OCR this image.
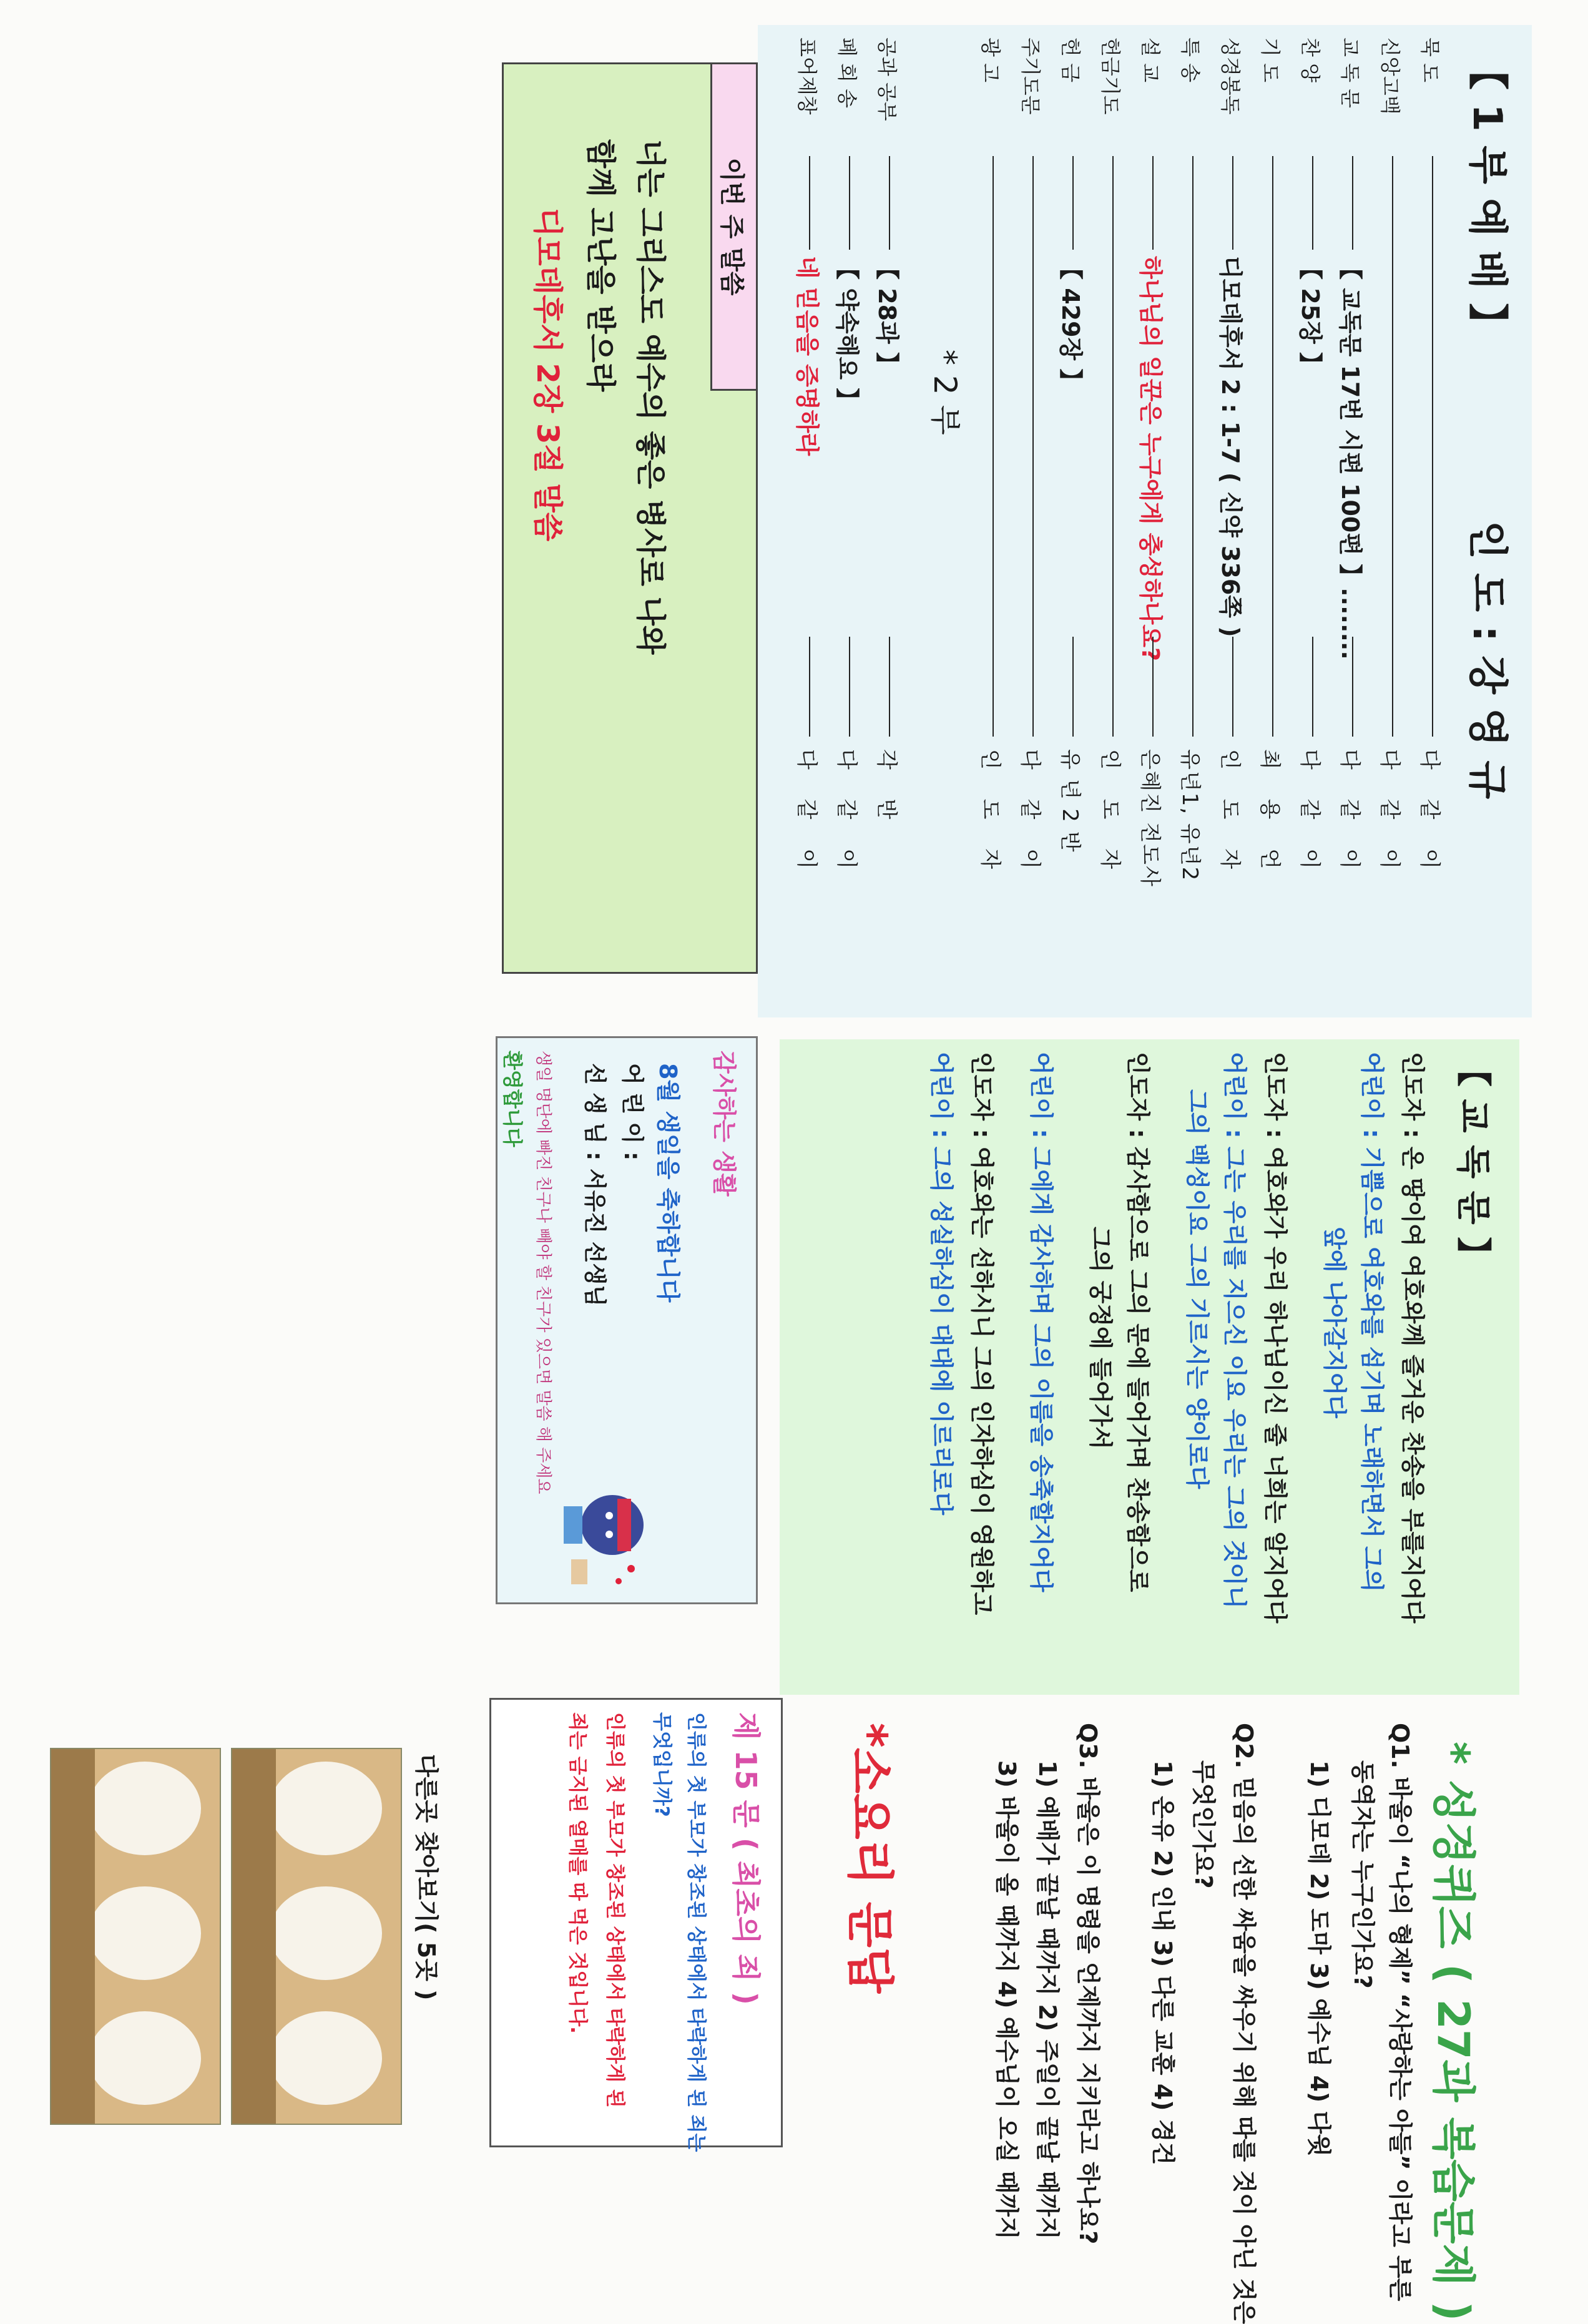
【 1 부 예 배 】  인 도 : 강 영 규
묵 도
다 같 이
신앙고백
다 같 이
교 독 문
【 교독문 17번 시편 100편 】........
다 같 이
찬 양
【 25장 】
다 같 이
기 도
최 용 언
성경봉독
디모데후서 2 : 1-7 ( 신약 336쪽 )
인 도 자
특 송
유년1, 유년2
설 교
하나님의 일꾼은 누구에게 충성하나요?
은혜진 전도사
헌금기도
인 도 자
헌 금
【 429장 】
유 년 2 반
주기도문
다 같 이
광 고
인 도 자
* 2 부
공과 공부
【 28과 】
각 반
폐 회 송
【 약속해요 】
다 같 이
표어제창
네 믿음을 증명하라
다 같 이
이번 주 말씀
너는 그리스도 예수의 좋은 병사로 나와
함께 고난을 받으라
디모데후서 2장 3절 말씀
【 교 독 문 】
인도자 : 온 땅이여 여호와께 즐거운 찬송을 부를지어다
어린이 : 기쁨으로 여호와를 섬기며 노래하면서 그의
앞에 나아갈지어다
인도자 : 여호와가 우리 하나님이신 줄 너희는 알지어다
어린이 : 그는 우리를 지으신 이요 우리는 그의 것이니
그의 백성이요 그의 기르시는 양이로다
인도자 : 감사함으로 그의 문에 들어가며 찬송함으로
그의 궁정에 들어가서
어린이 : 그에게 감사하며 그의 이름을 송축할지어다
인도자 : 여호와는 선하시니 그의 인자하심이 영원하고
어린이 : 그의 성실하심이 대대에 이르리로다
감사하는 생활
8월 생일을 축하합니다
어 린 이 :
선 생 님 : 서유진 선생님
생일 명단에 빠진 친구나 빼야 할 친구가 있으면 말씀 해 주세요
환영합니다
* 성경퀴즈 ( 27과 복습문제 )
Q1. 바울이 “나의 형제” “사랑하는 아들” 이라고 부른
동역자는 누구인가요?
1) 디모데 2) 도마 3) 예수님 4) 다윗
Q2. 믿음의 선한 싸움을 싸우기 위해 따를 것이 아닌 것은
무엇인가요?
1) 온유 2) 인내 3) 다른 교훈 4) 경건
Q3. 바울은 이 명령을 언제까지 지키라고 하나요?
1) 예배가 끝날 때까지 2) 주일이 끝날 때까지
3) 바울이 올 때까지 4) 예수님이 오실 때까지
*소요리 문답
제 15 문 ( 최초의 죄 )
인류의 첫 부모가 창조된 상태에서 타락하게 된 죄는
무엇입니까?
인류의 첫 부모가 창조된 상태에서 타락하게 된
죄는 금지된 열매를 따 먹은 것입니다.
다른곳 찾아보기( 5곳 )
